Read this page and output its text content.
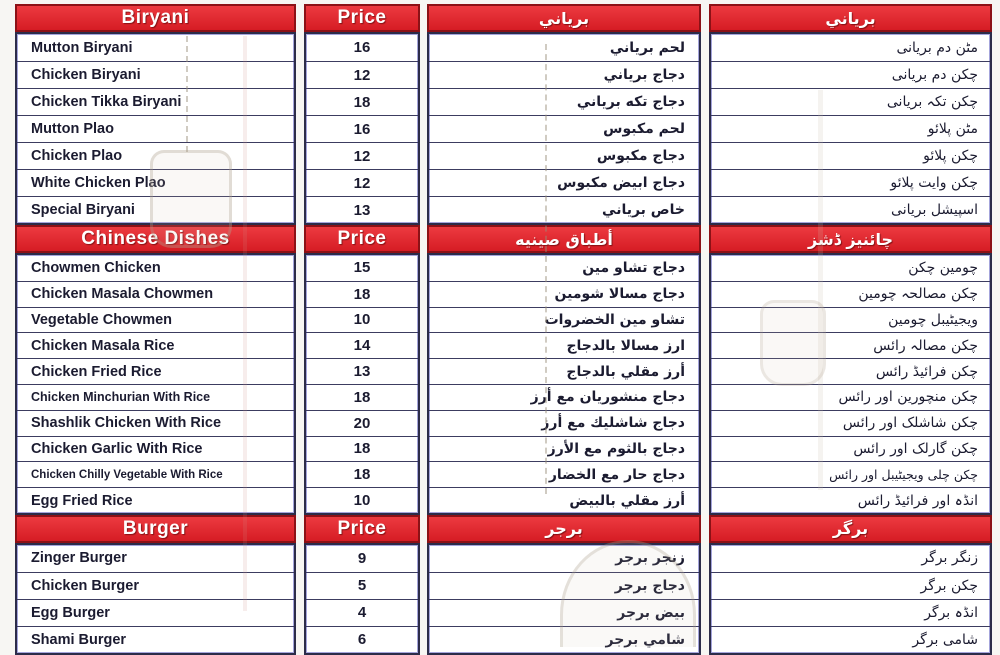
Biryani
Mutton Biryani
Chicken Biryani
Chicken Tikka Biryani
Mutton Plao
Chicken Plao
White Chicken Plao
Special Biryani
Chinese Dishes
Chowmen Chicken
Chicken Masala Chowmen
Vegetable Chowmen
Chicken Masala Rice
Chicken Fried Rice
Chicken Minchurian With Rice
Shashlik Chicken With Rice
Chicken Garlic With Rice
Chicken Chilly Vegetable With Rice
Egg Fried Rice
Burger
Zinger Burger
Chicken Burger
Egg Burger
Shami Burger
Price
16
12
18
16
12
12
13
Price
15
18
10
14
13
18
20
18
18
10
Price
9
5
4
6
برياني
لحم برياني
دجاج برياني
دجاج تكه برياني
لحم مكبوس
دجاج مكبوس
دجاج ابيض مكبوس
خاص برياني
أطباق صينيه
دجاج تشاو مين
دجاج مسالا شومين
تشاو مين الخضروات
ارز مسالا بالدجاج
أرز مقلي بالدجاج
دجاج منشوريان مع أرز
دجاج شاشليك مع أرز
دجاج بالثوم مع الأرز
دجاج حار مع الخضار
أرز مقلي بالبيض
برجر
زنجر برجر
دجاج برجر
بيض برجر
شامي برجر
برياني
مٹن دم بریانی
چکن دم بریانی
چکن تکہ بریانی
مٹن پلائو
چکن پلائو
چکن وایت پلائو
اسپیشل بریانی
چائنیز ڈشز
چومین چکن
چکن مصالحہ چومین
ویجیٹیبل چومین
چکن مصالہ رائس
چکن فرائیڈ رائس
چکن منچورین اور رائس
چکن شاشلک اور رائس
چکن گارلک اور رائس
چکن چلی ویجیٹیبل اور رائس
انڈہ اور فرائیڈ رائس
برگر
زنگر برگر
چکن برگر
انڈہ برگر
شامی برگر
